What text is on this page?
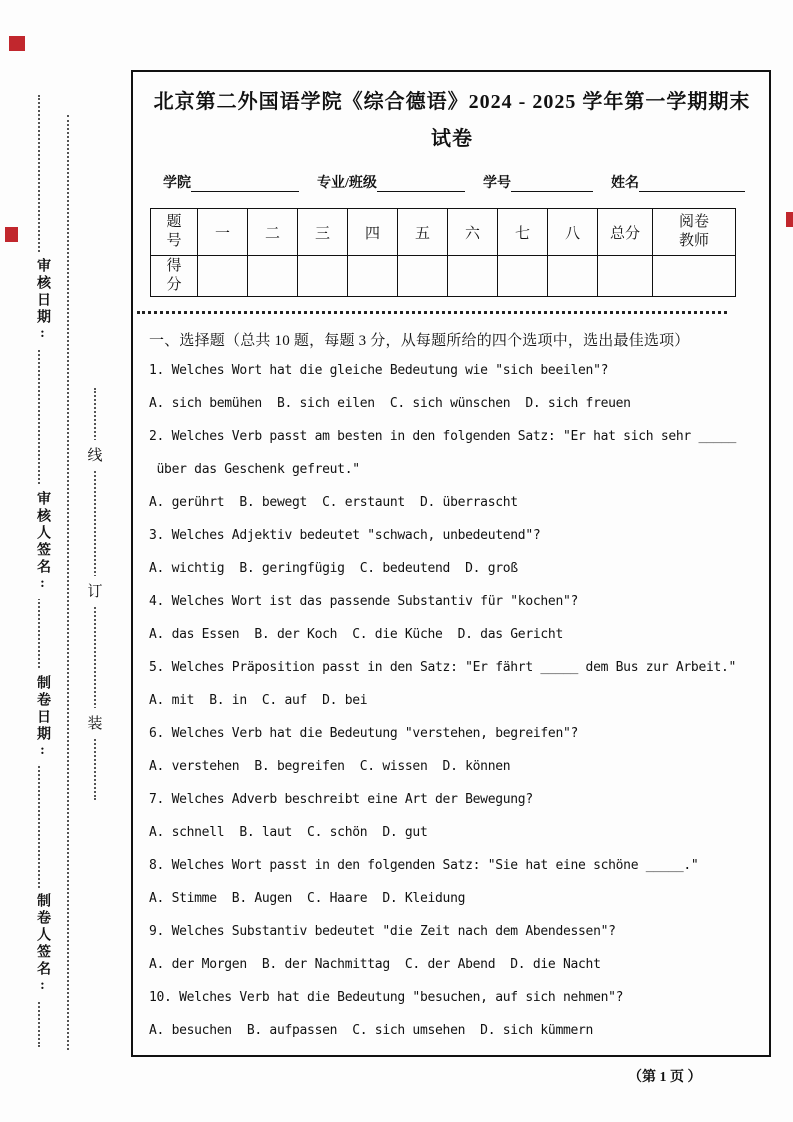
审核日期:
审核人签名:
制卷日期:
制卷人签名:
线
订
装
北京第二外国语学院《综合德语》2024 - 2025 学年第一学期期末
试卷
学院	专业/班级	学号	姓名
题号	一	二	三	四	五	六	七	八	总分	阅卷教师
得分										
一、选择题（总共 10 题，每题 3 分，从每题所给的四个选项中，选出最佳选项）
1. Welches Wort hat die gleiche Bedeutung wie "sich beeilen"?
A. sich bemühen  B. sich eilen  C. sich wünschen  D. sich freuen
2. Welches Verb passt am besten in den folgenden Satz: "Er hat sich sehr _____
über das Geschenk gefreut."
A. gerührt  B. bewegt  C. erstaunt  D. überrascht
3. Welches Adjektiv bedeutet "schwach, unbedeutend"?
A. wichtig  B. geringfügig  C. bedeutend  D. groß
4. Welches Wort ist das passende Substantiv für "kochen"?
A. das Essen  B. der Koch  C. die Küche  D. das Gericht
5. Welches Präposition passt in den Satz: "Er fährt _____ dem Bus zur Arbeit."
A. mit  B. in  C. auf  D. bei
6. Welches Verb hat die Bedeutung "verstehen, begreifen"?
A. verstehen  B. begreifen  C. wissen  D. können
7. Welches Adverb beschreibt eine Art der Bewegung?
A. schnell  B. laut  C. schön  D. gut
8. Welches Wort passt in den folgenden Satz: "Sie hat eine schöne _____."
A. Stimme  B. Augen  C. Haare  D. Kleidung
9. Welches Substantiv bedeutet "die Zeit nach dem Abendessen"?
A. der Morgen  B. der Nachmittag  C. der Abend  D. die Nacht
10. Welches Verb hat die Bedeutung "besuchen, auf sich nehmen"?
A. besuchen  B. aufpassen  C. sich umsehen  D. sich kümmern
（第 1 页 ）
